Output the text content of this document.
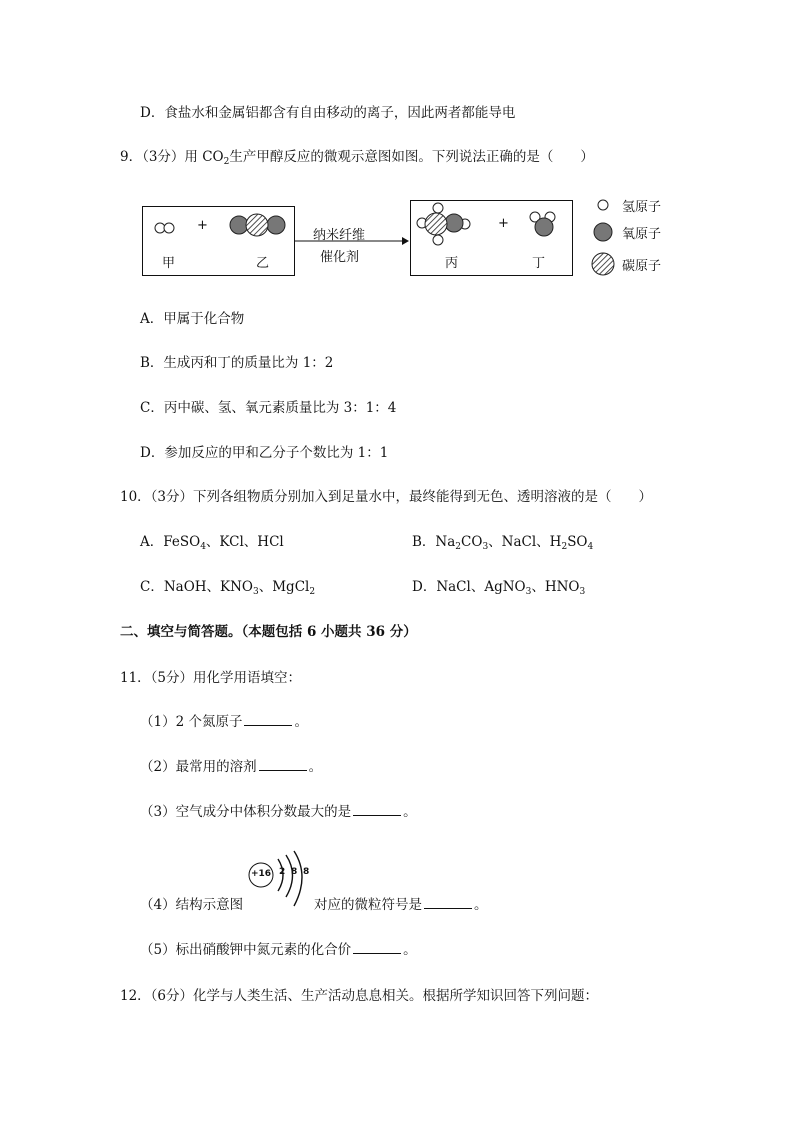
D．食盐水和金属铝都含有自由移动的离子，因此两者都能导电
9．（3分）用 $CO_2$生产甲醇反应的微观示意图如图。下列说法正确的是（　　）
+
甲	乙
纳米纤维
催化剂
+
丙	丁
氢原子
氧原子
碳原子
A．甲属于化合物
B．生成丙和丁的质量比为 1：2
C．丙中碳、氢、氧元素质量比为 3：1：4
D．参加反应的甲和乙分子个数比为 1：1
10．（3分）下列各组物质分别加入到足量水中，最终能得到无色、透明溶液的是（　　）
A．FeSO$_4$、KCl、HCl	B．$Na_2CO_3$、NaCl、$H_2SO_4$
C．NaOH、$KNO_3$、MgCl$_2$	D．NaCl、AgNO$_3$、$HNO_3$
二、填空与简答题。（本题包括 6 小题共 36 分）
11．（5分）用化学用语填空：
（1）2 个氮原子	。
（2）最常用的溶剂	。
（3）空气成分中体积分数最大的是	。
+16 2 8 8
（4）结构示意图	对应的微粒符号是	。
（5）标出硝酸钾中氮元素的化合价	。
12．（6分）化学与人类生活、生产活动息息相关。根据所学知识回答下列问题：
